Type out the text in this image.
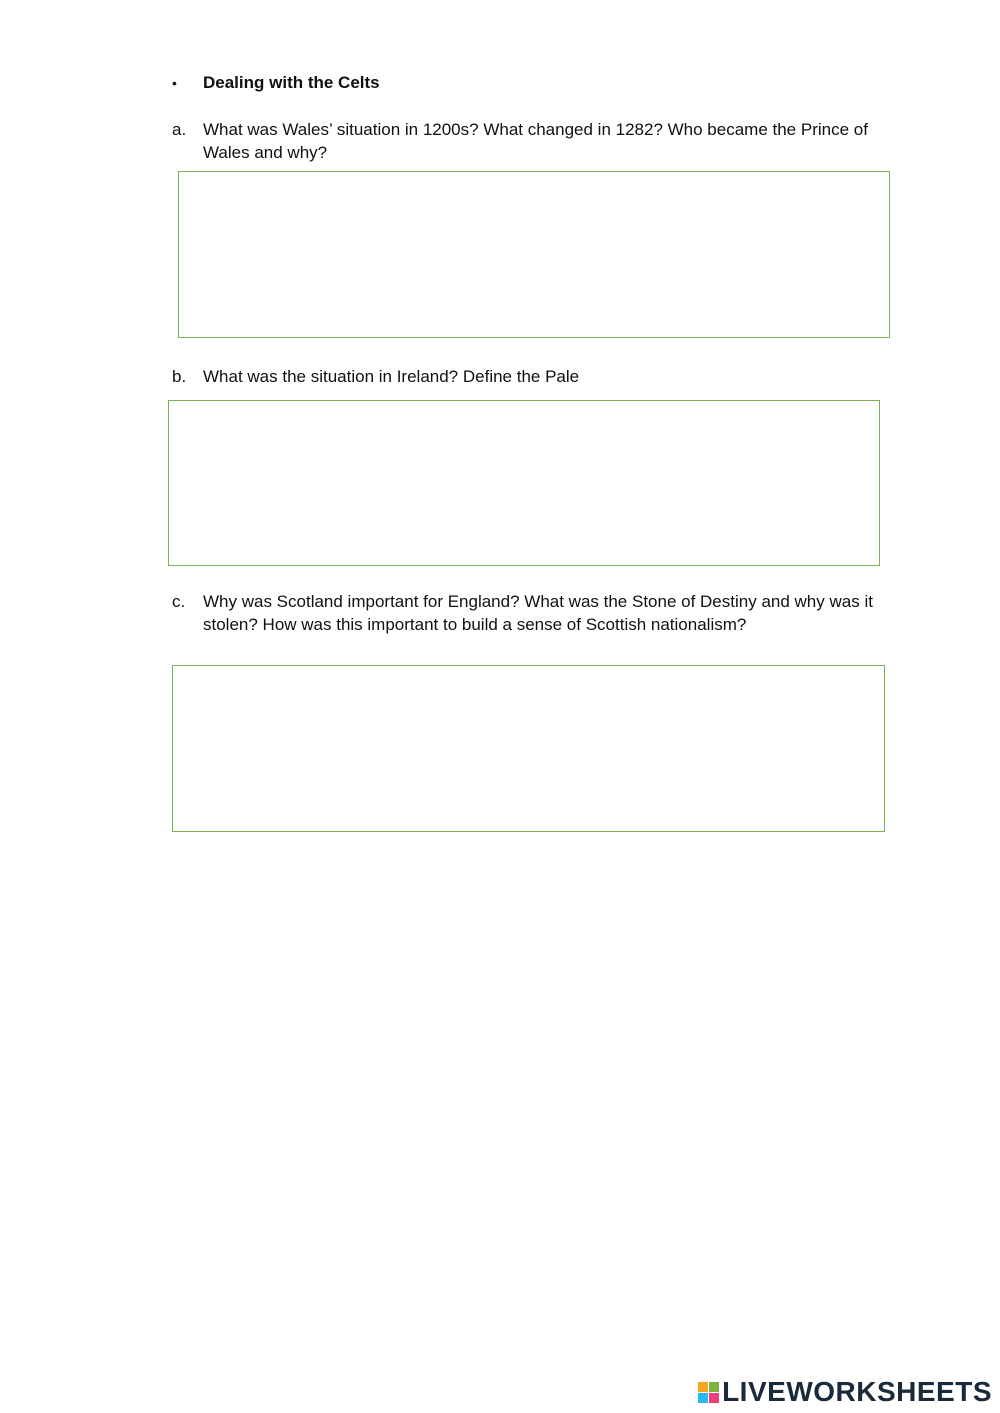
•	Dealing with the Celts
a. What was Wales’ situation in 1200s? What changed in 1282? Who became the Prince of Wales and why?
b. What was the situation in Ireland? Define the Pale
c.	Why was Scotland important for England? What was the Stone of Destiny and why was it stolen? How was this important to build a sense of Scottish nationalism?
LIVEWORKSHEETS
